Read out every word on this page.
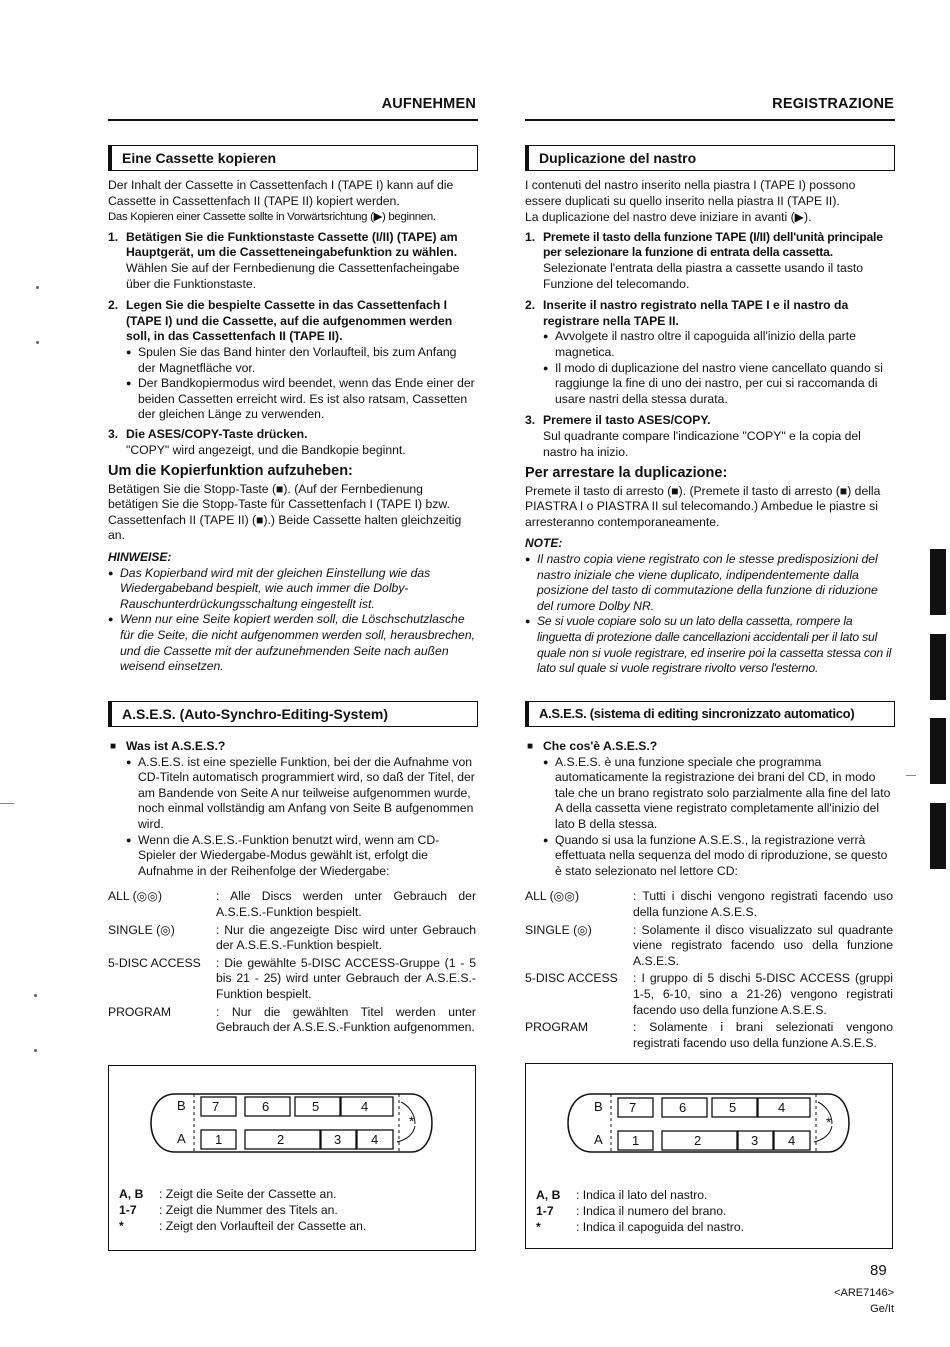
AUFNEHMEN	REGISTRAZIONE
Eine Cassette kopieren

Der Inhalt der Cassette in Cassettenfach I (TAPE I) kann auf die Cassette in Cassettenfach II (TAPE II) kopiert werden.

Das Kopieren einer Cassette sollte in Vorwärtsrichtung (▶) beginnen.

1. Betätigen Sie die Funktionstaste Cassette (I/II) (TAPE) am Hauptgerät, um die Cassetteneingabefunktion zu wählen.
Wählen Sie auf der Fernbedienung die Cassettenfacheingabe über die Funktionstaste.
2. Legen Sie die bespielte Cassette in das Cassettenfach I (TAPE I) und die Cassette, auf die aufgenommen werden soll, in das Cassettenfach II (TAPE II).
● Spulen Sie das Band hinter den Vorlaufteil, bis zum Anfang der Magnetfläche vor.
● Der Bandkopiermodus wird beendet, wenn das Ende einer der beiden Cassetten erreicht wird. Es ist also ratsam, Cassetten der gleichen Länge zu verwenden.
3. Die ASES/COPY-Taste drücken.
"COPY" wird angezeigt, und die Bandkopie beginnt.
Um die Kopierfunktion aufzuheben:

Betätigen Sie die Stopp-Taste (■). (Auf der Fernbedienung betätigen Sie die Stopp-Taste für Cassettenfach I (TAPE I) bzw. Cassettenfach II (TAPE II) (■).) Beide Cassette halten gleichzeitig an.

HINWEISE:
● Das Kopierband wird mit der gleichen Einstellung wie das Wiedergabeband bespielt, wie auch immer die Dolby-Rauschunterdrückungsschaltung eingestellt ist.
● Wenn nur eine Seite kopiert werden soll, die Löschschutzlasche für die Seite, die nicht aufgenommen werden soll, herausbrechen, und die Cassette mit der aufzunehmenden Seite nach außen weisend einsetzen.
A.S.E.S. (Auto-Synchro-Editing-System)
■ Was ist A.S.E.S.?
● A.S.E.S. ist eine spezielle Funktion, bei der die Aufnahme von CD-Titeln automatisch programmiert wird, so daß der Titel, der am Bandende von Seite A nur teilweise aufgenommen wurde, noch einmal vollständig am Anfang von Seite B aufgenommen wird.
● Wenn die A.S.E.S.-Funktion benutzt wird, wenn am CD-Spieler der Wiedergabe-Modus gewählt ist, erfolgt die Aufnahme in der Reihenfolge der Wiedergabe:
ALL (◎◎)	: Alle Discs werden unter Gebrauch der A.S.E.S.-Funktion bespielt.
SINGLE (◎)	: Nur die angezeigte Disc wird unter Gebrauch der A.S.E.S.-Funktion bespielt.
5-DISC ACCESS	: Die gewählte 5-DISC ACCESS-Gruppe (1 - 5 bis 21 - 25) wird unter Gebrauch der A.S.E.S.-Funktion bespielt.
PROGRAM	: Nur die gewählten Titel werden unter Gebrauch der A.S.E.S.-Funktion aufgenommen.
B
A
7	6	5	4
1	2	3 4
*
A, B	: Zeigt die Seite der Cassette an.
1-7	: Zeigt die Nummer des Titels an.
*	: Zeigt den Vorlaufteil der Cassette an.
Duplicazione del nastro

I contenuti del nastro inserito nella piastra I (TAPE I) possono essere duplicati su quello inserito nella piastra II (TAPE II).

La duplicazione del nastro deve iniziare in avanti (▶).

1. Premete il tasto della funzione TAPE (I/II) dell'unità principale per selezionare la funzione di entrata della cassetta.
Selezionate l'entrata della piastra a cassette usando il tasto Funzione del telecomando.
2. Inserite il nastro registrato nella TAPE I e il nastro da registrare nella TAPE II.
● Avvolgete il nastro oltre il capoguida all'inizio della parte magnetica.
● Il modo di duplicazione del nastro viene cancellato quando si raggiunge la fine di uno dei nastro, per cui si raccomanda di usare nastri della stessa durata.
3. Premere il tasto ASES/COPY.
Sul quadrante compare l'indicazione "COPY" e la copia del nastro ha inizio.
Per arrestare la duplicazione:

Premete il tasto di arresto (■). (Premete il tasto di arresto (■) della PIASTRA I o PIASTRA II sul telecomando.) Ambedue le piastre si arresteranno contemporaneamente.

NOTE:
● Il nastro copia viene registrato con le stesse predisposizioni del nastro iniziale che viene duplicato, indipendentemente dalla posizione del tasto di commutazione della funzione di riduzione del rumore Dolby NR.
● Se si vuole copiare solo su un lato della cassetta, rompere la linguetta di protezione dalle cancellazioni accidentali per il lato sul quale non si vuole registrare, ed inserire poi la cassetta stessa con il lato sul quale si vuole registrare rivolto verso l'esterno.
A.S.E.S. (sistema di editing sincronizzato automatico)
■ Che cos'è A.S.E.S.?
● A.S.E.S. è una funzione speciale che programma automaticamente la registrazione dei brani del CD, in modo tale che un brano registrato solo parzialmente alla fine del lato A della cassetta viene registrato completamente all'inizio del lato B della stessa.
● Quando si usa la funzione A.S.E.S., la registrazione verrà effettuata nella sequenza del modo di riproduzione, se questo è stato selezionato nel lettore CD:
ALL (◎◎)	: Tutti i dischi vengono registrati facendo uso della funzione A.S.E.S.
SINGLE (◎)	: Solamente il disco visualizzato sul quadrante viene registrato facendo uso della funzione A.S.E.S.
5-DISC ACCESS	: I gruppo di 5 dischi 5-DISC ACCESS (gruppi 1-5, 6-10, sino a 21-26) vengono registrati facendo uso della funzione A.S.E.S.
PROGRAM	: Solamente i brani selezionati vengono registrati facendo uso della funzione A.S.E.S.
B
A
7	6	5	4
1	2	3 4
*
A, B	: Indica il lato del nastro.
1-7	: Indica il numero del brano.
*	: Indica il capoguida del nastro.
89
<ARE7146>
Ge/It
